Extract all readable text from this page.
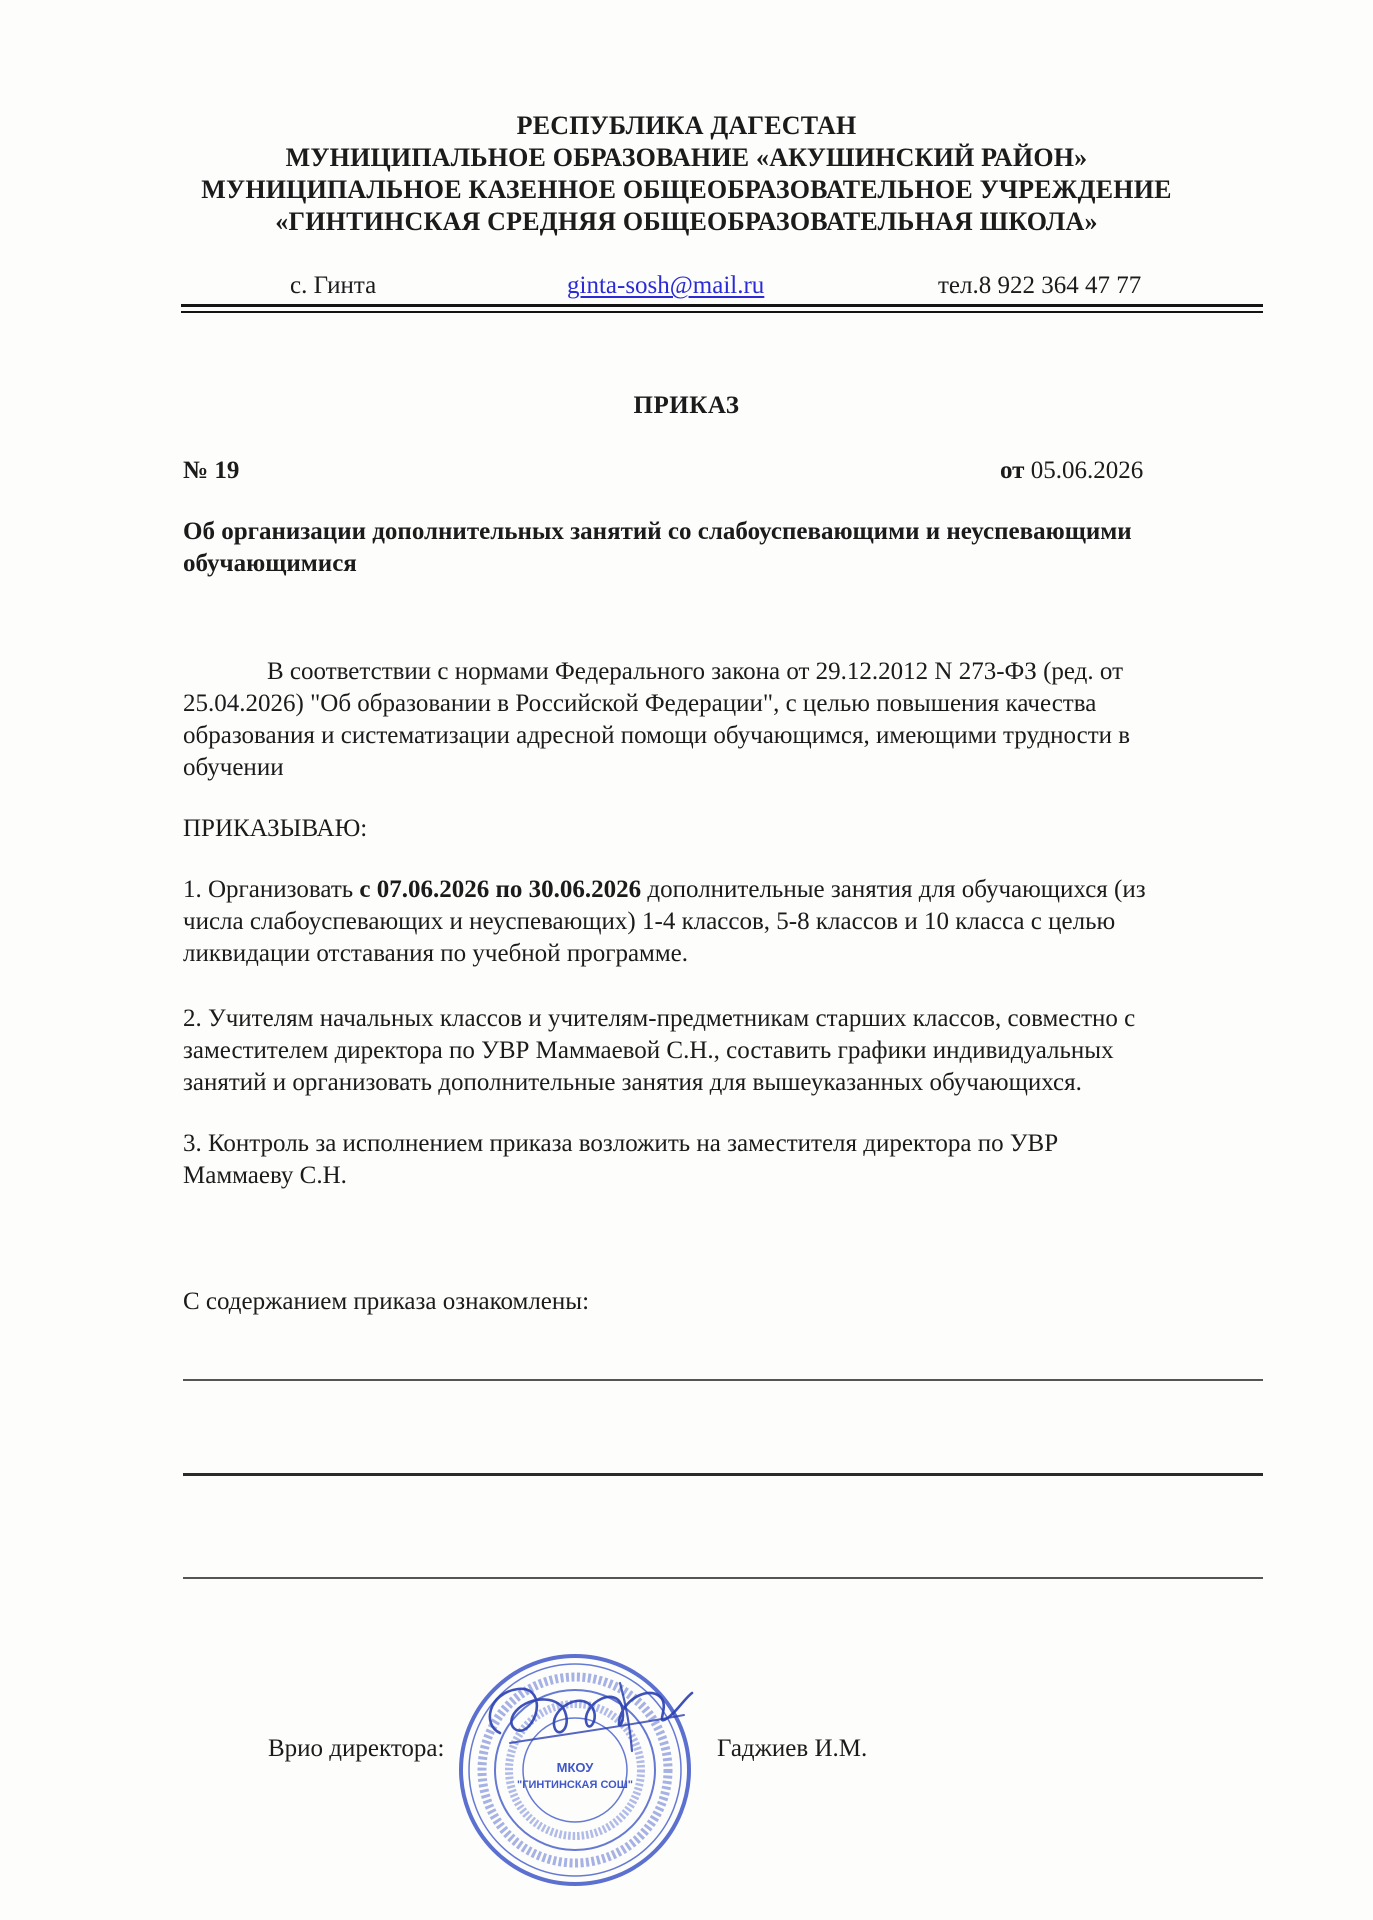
РЕСПУБЛИКА ДАГЕСТАН
МУНИЦИПАЛЬНОЕ ОБРАЗОВАНИЕ «АКУШИНСКИЙ РАЙОН»
МУНИЦИПАЛЬНОЕ КАЗЕННОЕ ОБЩЕОБРАЗОВАТЕЛЬНОЕ УЧРЕЖДЕНИЕ
«ГИНТИНСКАЯ СРЕДНЯЯ ОБЩЕОБРАЗОВАТЕЛЬНАЯ ШКОЛА»
с. Гинта	ginta-sosh@mail.ru	тел.8 922 364 47 77
ПРИКАЗ
№ 19	от 05.06.2026
Об организации дополнительных занятий со слабоуспевающими и неуспевающими
обучающимися
В соответствии с нормами Федерального закона от 29.12.2012 N 273-ФЗ (ред. от
25.04.2026) "Об образовании в Российской Федерации", с целью повышения качества
образования и систематизации адресной помощи обучающимся, имеющими трудности в
обучении
ПРИКАЗЫВАЮ:
1. Организовать с 07.06.2026 по 30.06.2026 дополнительные занятия для обучающихся (из
числа слабоуспевающих и неуспевающих) 1-4 классов, 5-8 классов и 10 класса с целью
ликвидации отставания по учебной программе.
2. Учителям начальных классов и учителям-предметникам старших классов, совместно с
заместителем директора по УВР Маммаевой С.Н., составить графики индивидуальных
занятий и организовать дополнительные занятия для вышеуказанных обучающихся.
3. Контроль за исполнением приказа возложить на заместителя директора по УВР
Маммаеву С.Н.
С содержанием приказа ознакомлены:
Врио директора:	Гаджиев И.М.
МКОУ
"ГИНТИНСКАЯ СОШ"
